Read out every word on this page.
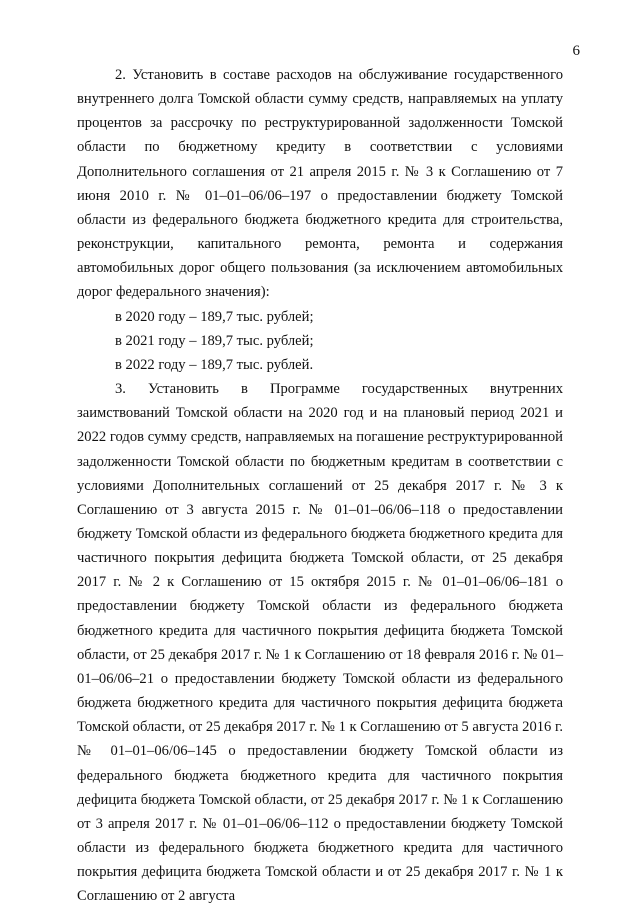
6

2. Установить в составе расходов на обслуживание государственного внутреннего долга Томской области сумму средств, направляемых на уплату процентов за рассрочку по реструктурированной задолженности Томской области по бюджетному кредиту в соответствии с условиями Дополнительного соглашения от 21 апреля 2015 г. № 3 к Соглашению от 7 июня 2010 г. № 01–01–06/06–197 о предоставлении бюджету Томской области из федерального бюджета бюджетного кредита для строительства, реконструкции, капитального ремонта, ремонта и содержания автомобильных дорог общего пользования (за исключением автомобильных дорог федерального значения):

в 2020 году – 189,7 тыс. рублей;

в 2021 году – 189,7 тыс. рублей;

в 2022 году – 189,7 тыс. рублей.

3. Установить в Программе государственных внутренних заимствований Томской области на 2020 год и на плановый период 2021 и 2022 годов сумму средств, направляемых на погашение реструктурированной задолженности Томской области по бюджетным кредитам в соответствии с условиями Дополнительных соглашений от 25 декабря 2017 г. № 3 к Соглашению от 3 августа 2015 г. № 01–01–06/06–118 о предоставлении бюджету Томской области из федерального бюджета бюджетного кредита для частичного покрытия дефицита бюджета Томской области, от 25 декабря 2017 г. № 2 к Соглашению от 15 октября 2015 г. № 01–01–06/06–181 о предоставлении бюджету Томской области из федерального бюджета бюджетного кредита для частичного покрытия дефицита бюджета Томской области, от 25 декабря 2017 г. № 1 к Соглашению от 18 февраля 2016 г. № 01–01–06/06–21 о предоставлении бюджету Томской области из федерального бюджета бюджетного кредита для частичного покрытия дефицита бюджета Томской области, от 25 декабря 2017 г. № 1 к Соглашению от 5 августа 2016 г. № 01–01–06/06–145 о предоставлении бюджету Томской области из федерального бюджета бюджетного кредита для частичного покрытия дефицита бюджета Томской области, от 25 декабря 2017 г. № 1 к Соглашению от 3 апреля 2017 г. № 01–01–06/06–112 о предоставлении бюджету Томской области из федерального бюджета бюджетного кредита для частичного покрытия дефицита бюджета Томской области и от 25 декабря 2017 г. № 1 к Соглашению от 2 августа
